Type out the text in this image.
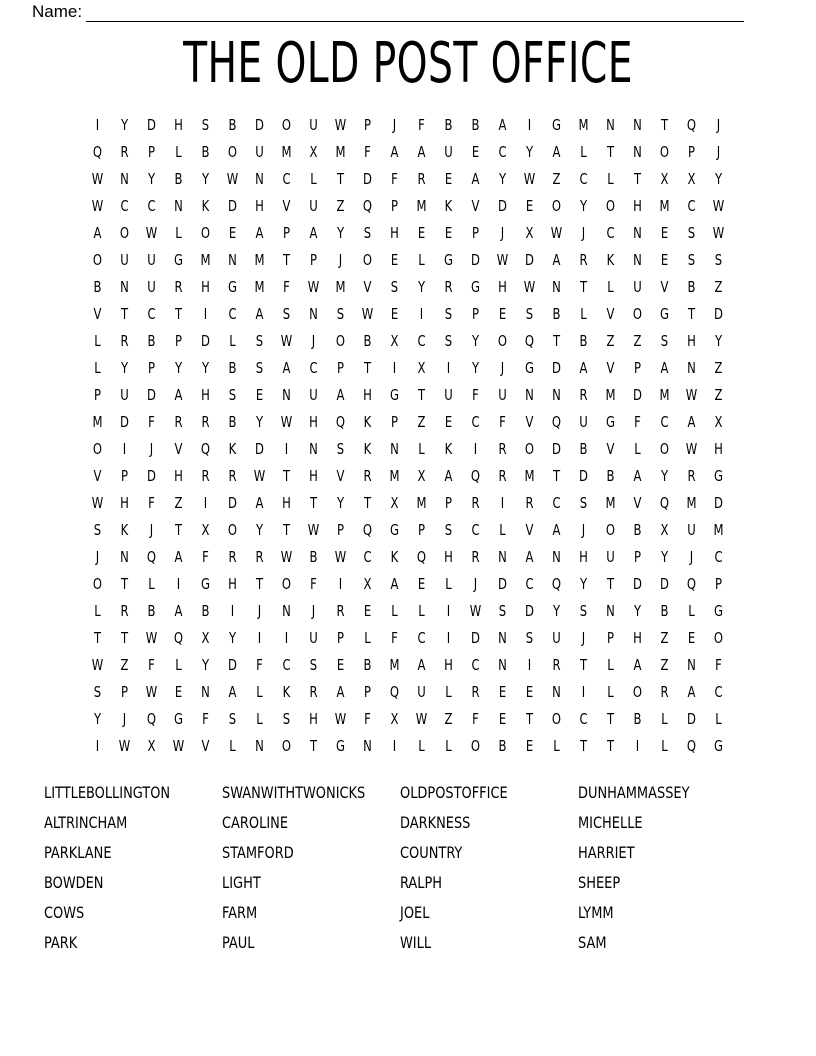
Name:
THE OLD POST OFFICE
I	Y	D	H	S	B	D	O	U	W	P	J	F	B	B	A	I	G	M	N	N	T	Q	J
Q	R	P	L	B	O	U	M	X	M	F	A	A	U	E	C	Y	A	L	T	N	O	P	J
W	N	Y	B	Y	W	N	C	L	T	D	F	R	E	A	Y	W	Z	C	L	T	X	X	Y
W	C	C	N	K	D	H	V	U	Z	Q	P	M	K	V	D	E	O	Y	O	H	M	C	W
A	O	W	L	O	E	A	P	A	Y	S	H	E	E	P	J	X	W	J	C	N	E	S	W
O	U	U	G	M	N	M	T	P	J	O	E	L	G	D	W	D	A	R	K	N	E	S	S
B	N	U	R	H	G	M	F	W	M	V	S	Y	R	G	H	W	N	T	L	U	V	B	Z
V	T	C	T	I	C	A	S	N	S	W	E	I	S	P	E	S	B	L	V	O	G	T	D
L	R	B	P	D	L	S	W	J	O	B	X	C	S	Y	O	Q	T	B	Z	Z	S	H	Y
L	Y	P	Y	Y	B	S	A	C	P	T	I	X	I	Y	J	G	D	A	V	P	A	N	Z
P	U	D	A	H	S	E	N	U	A	H	G	T	U	F	U	N	N	R	M	D	M	W	Z
M	D	F	R	R	B	Y	W	H	Q	K	P	Z	E	C	F	V	Q	U	G	F	C	A	X
O	I	J	V	Q	K	D	I	N	S	K	N	L	K	I	R	O	D	B	V	L	O	W	H
V	P	D	H	R	R	W	T	H	V	R	M	X	A	Q	R	M	T	D	B	A	Y	R	G
W	H	F	Z	I	D	A	H	T	Y	T	X	M	P	R	I	R	C	S	M	V	Q	M	D
S	K	J	T	X	O	Y	T	W	P	Q	G	P	S	C	L	V	A	J	O	B	X	U	M
J	N	Q	A	F	R	R	W	B	W	C	K	Q	H	R	N	A	N	H	U	P	Y	J	C
O	T	L	I	G	H	T	O	F	I	X	A	E	L	J	D	C	Q	Y	T	D	D	Q	P
L	R	B	A	B	I	J	N	J	R	E	L	L	I	W	S	D	Y	S	N	Y	B	L	G
T	T	W	Q	X	Y	I	I	U	P	L	F	C	I	D	N	S	U	J	P	H	Z	E	O
W	Z	F	L	Y	D	F	C	S	E	B	M	A	H	C	N	I	R	T	L	A	Z	N	F
S	P	W	E	N	A	L	K	R	A	P	Q	U	L	R	E	E	N	I	L	O	R	A	C
Y	J	Q	G	F	S	L	S	H	W	F	X	W	Z	F	E	T	O	C	T	B	L	D	L
I	W	X	W	V	L	N	O	T	G	N	I	L	L	O	B	E	L	T	T	I	L	Q	G
LITTLEBOLLINGTON
ALTRINCHAM
PARKLANE
BOWDEN
COWS
PARK
SWANWITHTWONICKS
CAROLINE
STAMFORD
LIGHT
FARM
PAUL
OLDPOSTOFFICE
DARKNESS
COUNTRY
RALPH
JOEL
WILL
DUNHAMMASSEY
MICHELLE
HARRIET
SHEEP
LYMM
SAM
